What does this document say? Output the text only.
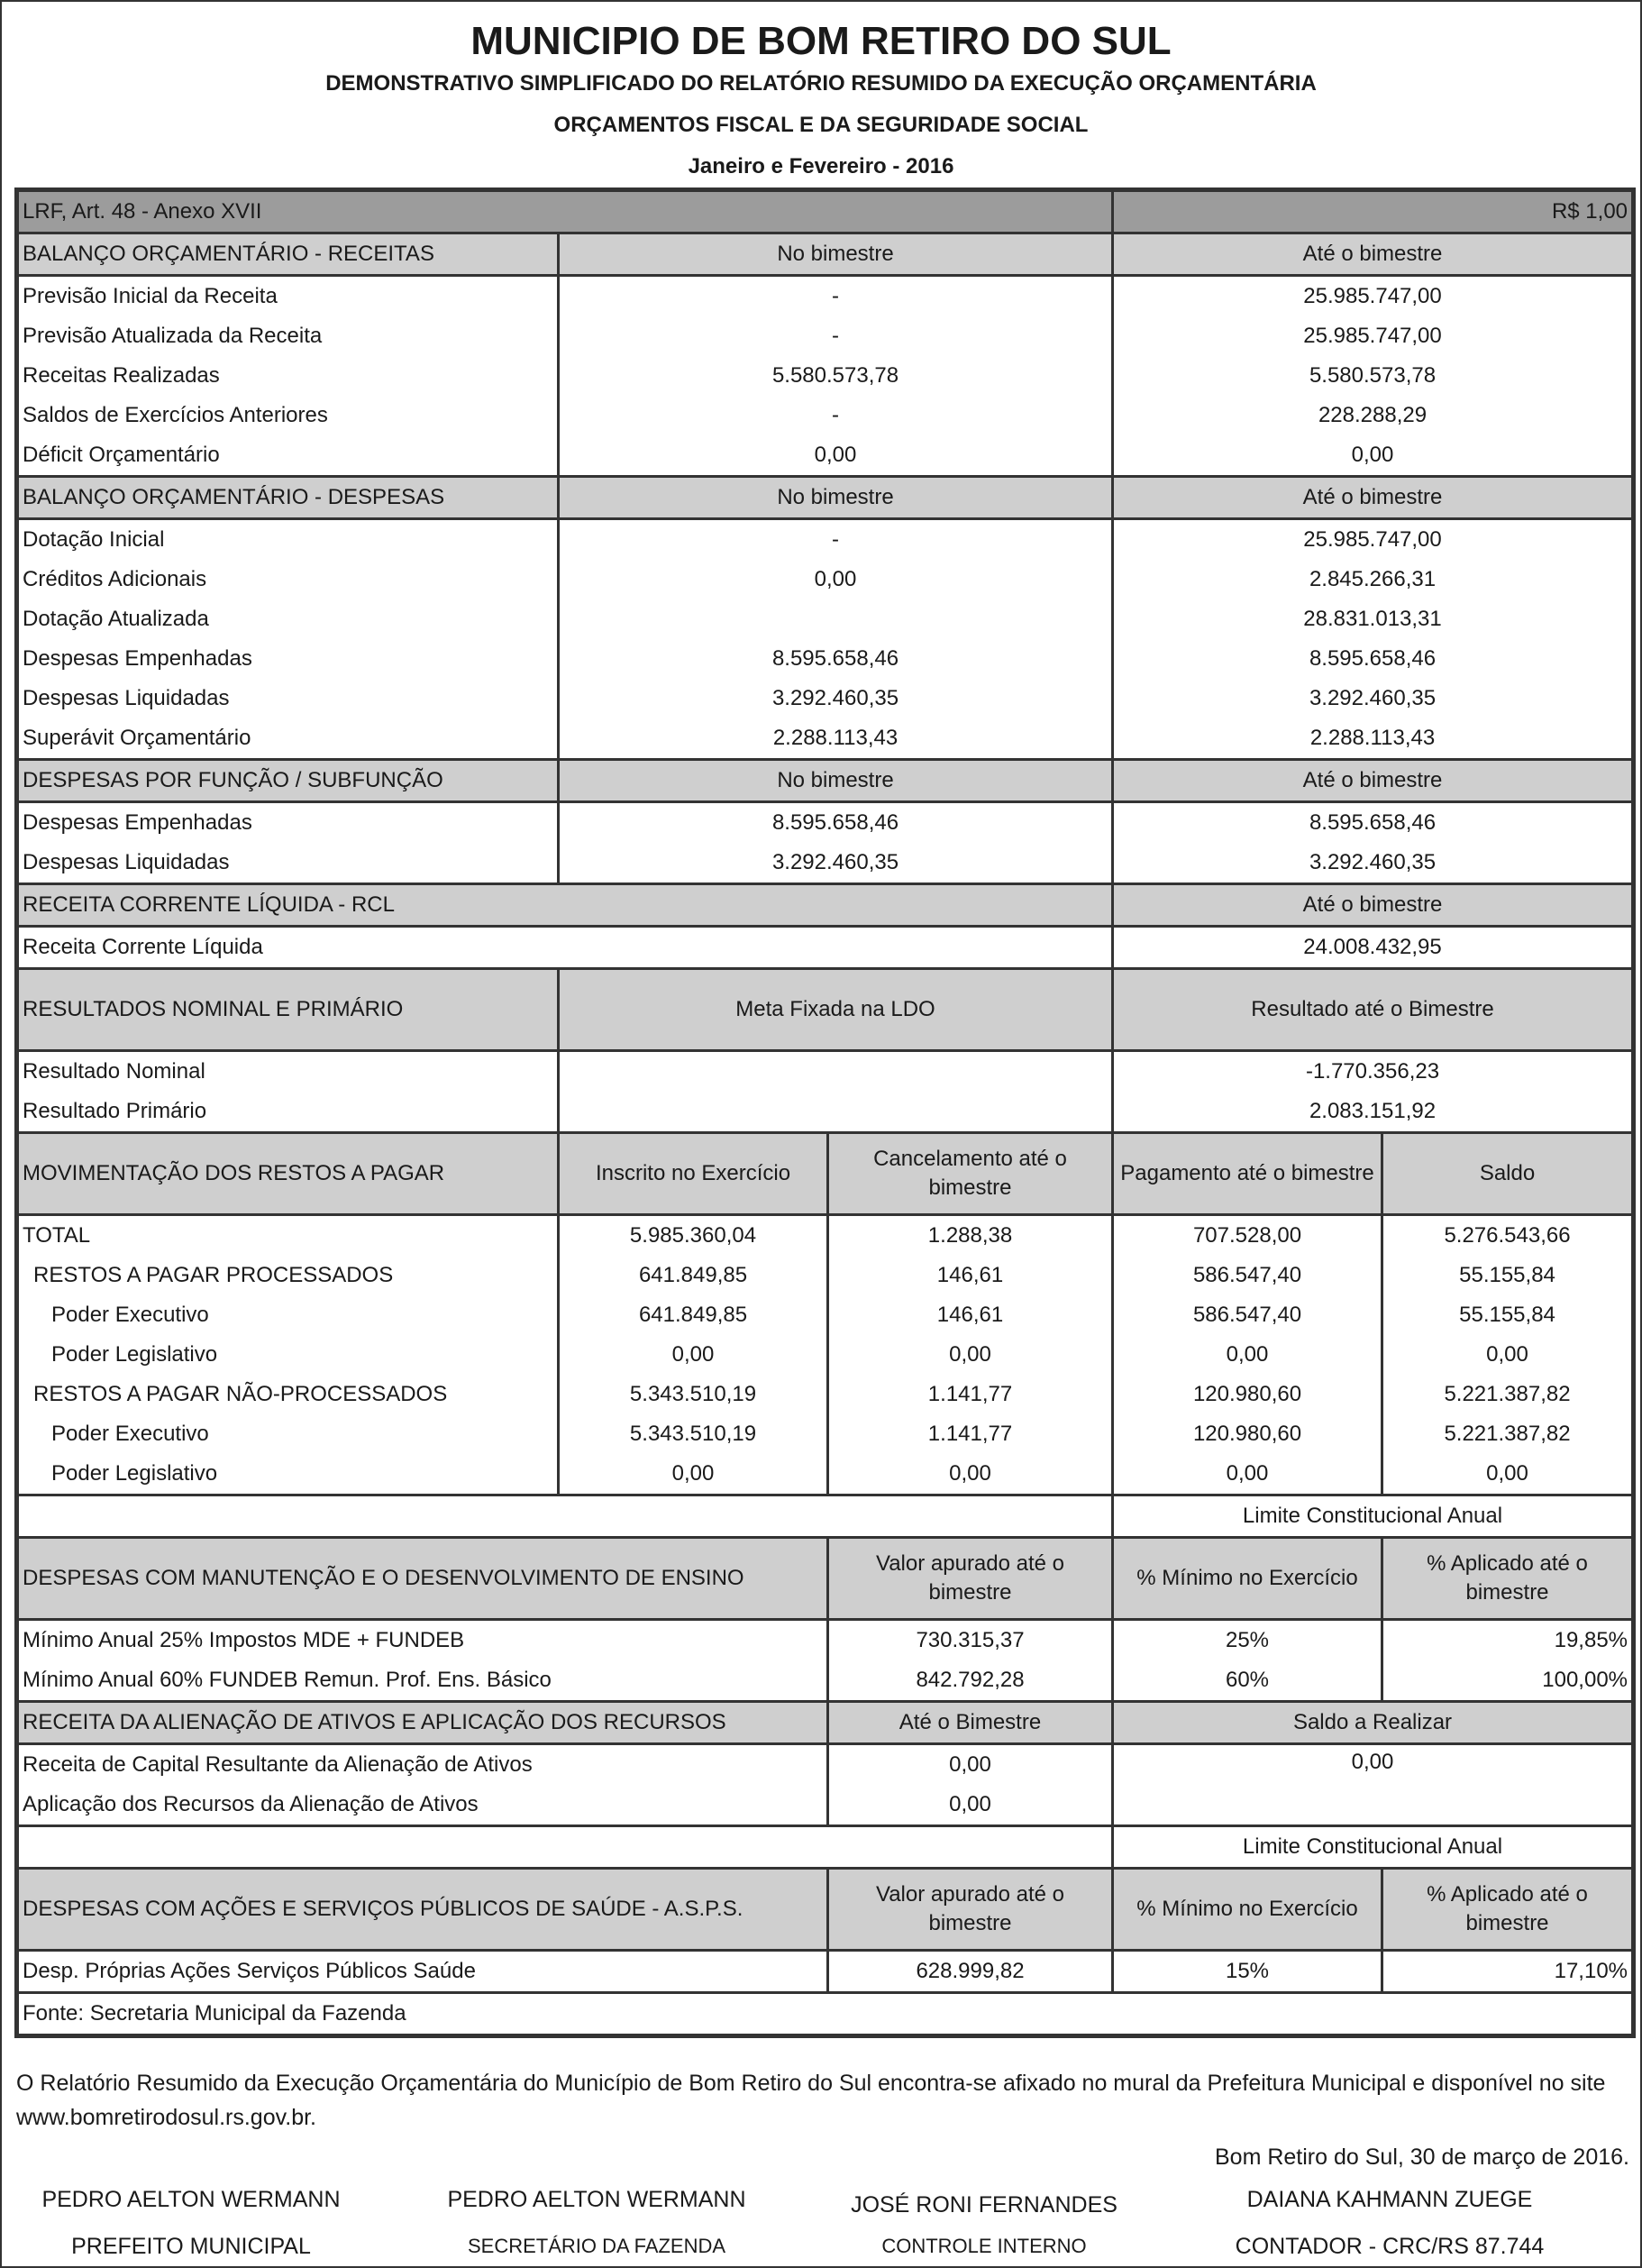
MUNICIPIO DE BOM RETIRO DO SUL
DEMONSTRATIVO SIMPLIFICADO DO RELATÓRIO RESUMIDO DA EXECUÇÃO ORÇAMENTÁRIA
ORÇAMENTOS FISCAL E DA SEGURIDADE SOCIAL
Janeiro e Fevereiro - 2016
LRF, Art. 48 - Anexo XVII			R$ 1,00	
BALANÇO ORÇAMENTÁRIO - RECEITAS	No bimestre		Até o bimestre	
Previsão Inicial da Receita	-		25.985.747,00	
Previsão Atualizada da Receita	-		25.985.747,00	
Receitas Realizadas	5.580.573,78		5.580.573,78	
Saldos de Exercícios Anteriores	-		228.288,29	
Déficit Orçamentário	0,00		0,00	
BALANÇO ORÇAMENTÁRIO - DESPESAS	No bimestre		Até o bimestre	
Dotação Inicial	-		25.985.747,00	
Créditos Adicionais	0,00		2.845.266,31	
Dotação Atualizada			28.831.013,31	
Despesas Empenhadas	8.595.658,46		8.595.658,46	
Despesas Liquidadas	3.292.460,35		3.292.460,35	
Superávit Orçamentário	2.288.113,43		2.288.113,43	
DESPESAS POR FUNÇÃO / SUBFUNÇÃO	No bimestre		Até o bimestre	
Despesas Empenhadas	8.595.658,46		8.595.658,46	
Despesas Liquidadas	3.292.460,35		3.292.460,35	
RECEITA CORRENTE LÍQUIDA - RCL			Até o bimestre	
Receita Corrente Líquida			24.008.432,95	
RESULTADOS NOMINAL E PRIMÁRIO	Meta Fixada na LDO		Resultado até o Bimestre	
Resultado Nominal			-1.770.356,23	
Resultado Primário			2.083.151,92	
MOVIMENTAÇÃO DOS RESTOS A PAGAR	Inscrito no Exercício	Cancelamento até o bimestre	Pagamento até o bimestre	Saldo
TOTAL	5.985.360,04	1.288,38	707.528,00	5.276.543,66
RESTOS A PAGAR PROCESSADOS	641.849,85	146,61	586.547,40	55.155,84
Poder Executivo	641.849,85	146,61	586.547,40	55.155,84
Poder Legislativo	0,00	0,00	0,00	0,00
RESTOS A PAGAR NÃO-PROCESSADOS	5.343.510,19	1.141,77	120.980,60	5.221.387,82
Poder Executivo	5.343.510,19	1.141,77	120.980,60	5.221.387,82
Poder Legislativo	0,00	0,00	0,00	0,00
			Limite Constitucional Anual	
DESPESAS COM MANUTENÇÃO E O DESENVOLVIMENTO DE ENSINO		Valor apurado até o bimestre	% Mínimo no Exercício	% Aplicado até o bimestre
Mínimo Anual 25% Impostos MDE + FUNDEB		730.315,37	25%	19,85%
Mínimo Anual 60% FUNDEB Remun. Prof. Ens. Básico		842.792,28	60%	100,00%
RECEITA DA ALIENAÇÃO DE ATIVOS E APLICAÇÃO DOS RECURSOS		Até o Bimestre	Saldo a Realizar	
Receita de Capital Resultante da Alienação de Ativos		0,00	0,00	
Aplicação dos Recursos da Alienação de Ativos		0,00		
			Limite Constitucional Anual	
DESPESAS COM AÇÕES E SERVIÇOS PÚBLICOS DE SAÚDE - A.S.P.S.		Valor apurado até o bimestre	% Mínimo no Exercício	% Aplicado até o bimestre
Desp. Próprias Ações Serviços Públicos Saúde		628.999,82	15%	17,10%
Fonte: Secretaria Municipal da Fazenda				
O Relatório Resumido da Execução Orçamentária do Município de Bom Retiro do Sul encontra-se afixado no mural da Prefeitura Municipal e disponível no site www.bomretirodosul.rs.gov.br.
Bom Retiro do Sul, 30 de março de 2016.
PEDRO AELTON WERMANN
PREFEITO MUNICIPAL
PEDRO AELTON WERMANN
SECRETÁRIO DA FAZENDA
JOSÉ RONI FERNANDES
CONTROLE INTERNO
DAIANA KAHMANN ZUEGE
CONTADOR - CRC/RS 87.744
